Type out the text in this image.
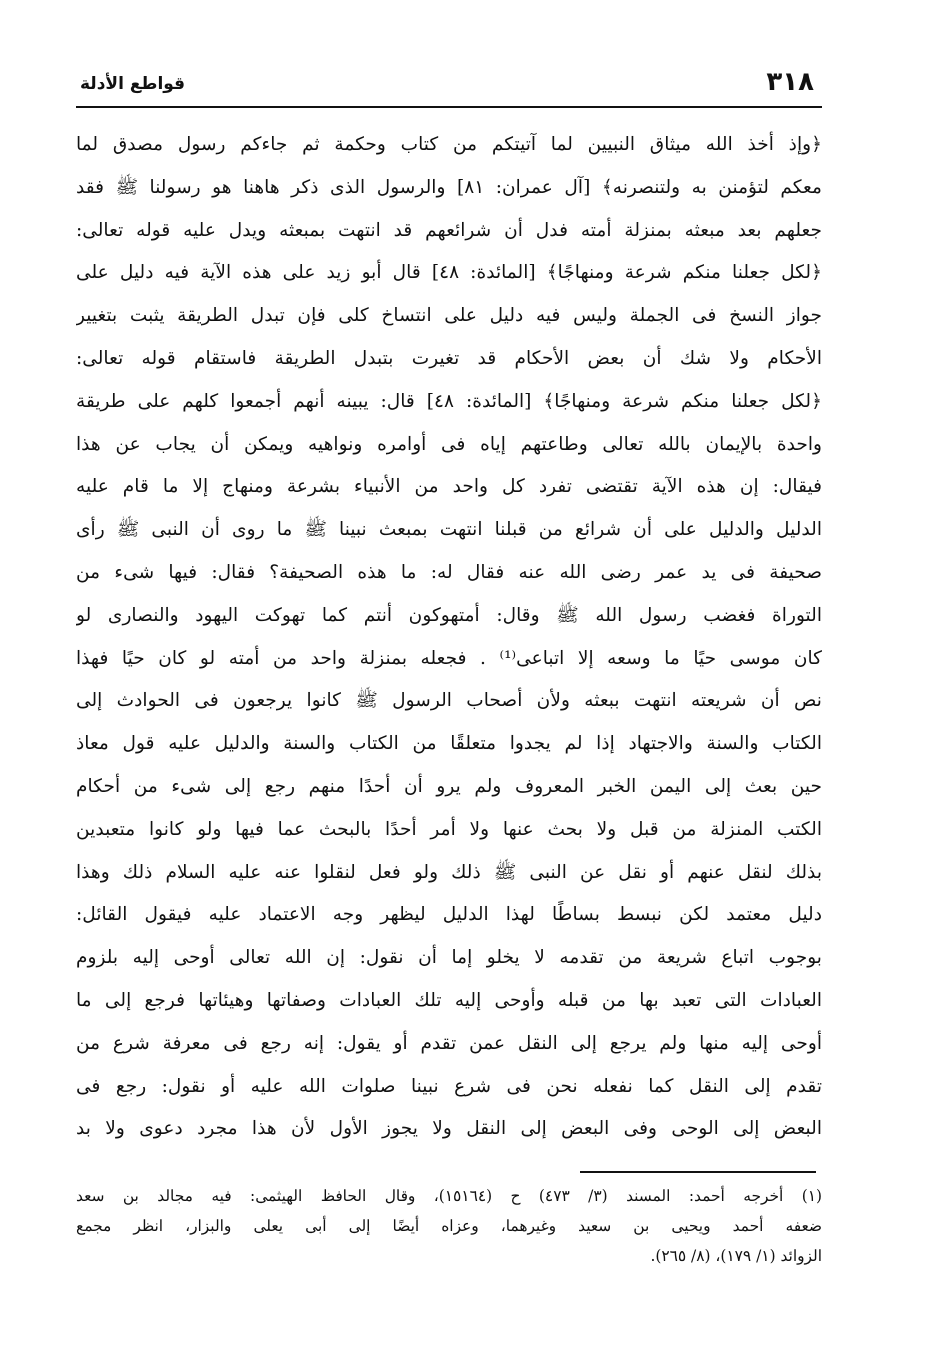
٣١٨
قواطع الأدلة
﴿وإذ أخذ الله ميثاق النبيين لما آتيتكم من كتاب وحكمة ثم جاءكم رسول مصدق لما
معكم لتؤمنن به ولتنصرنه﴾ [آل عمران: ٨١] والرسول الذى ذكر هاهنا هو رسولنا ﷺ فقد
جعلهم بعد مبعثه بمنزلة أمته فدل أن شرائعهم قد انتهت بمبعثه ويدل عليه قوله تعالى:
﴿لكل جعلنا منكم شرعة ومنهاجًا﴾ [المائدة: ٤٨] قال أبو زيد على هذه الآية فيه دليل على
جواز النسخ فى الجملة وليس فيه دليل على انتساخ كلى فإن تبدل الطريقة يثبت بتغيير
الأحكام ولا شك أن بعض الأحكام قد تغيرت بتبدل الطريقة فاستقام قوله تعالى:
﴿لكل جعلنا منكم شرعة ومنهاجًا﴾ [المائدة: ٤٨] قال: يبينه أنهم أجمعوا كلهم على طريقة
واحدة بالإيمان بالله تعالى وطاعتهم إياه فى أوامره ونواهيه ويمكن أن يجاب عن هذا
فيقال: إن هذه الآية تقتضى تفرد كل واحد من الأنبياء بشرعة ومنهاج إلا ما قام عليه
الدليل والدليل على أن شرائع من قبلنا انتهت بمبعث نبينا ﷺ ما روى أن النبى ﷺ رأى
صحيفة فى يد عمر رضى الله عنه فقال له: ما هذه الصحيفة؟ فقال: فيها شىء من
التوراة فغضب رسول الله ﷺ وقال: أمتهوكون أنتم كما تهوكت اليهود والنصارى لو
كان موسى حيًا ما وسعه إلا اتباعى⁽¹⁾ . فجعله بمنزلة واحد من أمته لو كان حيًا فهذا
نص أن شريعته انتهت ببعثه ولأن أصحاب الرسول ﷺ كانوا يرجعون فى الحوادث إلى
الكتاب والسنة والاجتهاد إذا لم يجدوا متعلقًا من الكتاب والسنة والدليل عليه قول معاذ
حين بعث إلى اليمن الخبر المعروف ولم يرو أن أحدًا منهم رجع إلى شىء من أحكام
الكتب المنزلة من قبل ولا بحث عنها ولا أمر أحدًا بالبحث عما فيها ولو كانوا متعبدين
بذلك لنقل عنهم أو نقل عن النبى ﷺ ذلك ولو فعل لنقلوا عنه عليه السلام ذلك وهذا
دليل معتمد لكن نبسط بساطًا لهذا الدليل ليظهر وجه الاعتماد عليه فيقول القائل:
بوجوب اتباع شريعة من تقدمه لا يخلو إما أن نقول: إن الله تعالى أوحى إليه بلزوم
العبادات التى تعبد بها من قبله وأوحى إليه تلك العبادات وصفاتها وهيئاتها فرجع إلى ما
أوحى إليه منها ولم يرجع إلى النقل عمن تقدم أو يقول: إنه رجع فى معرفة شرع من
تقدم إلى النقل كما نفعله نحن فى شرع نبينا صلوات الله عليه أو نقول: رجع فى
البعض إلى الوحى وفى البعض إلى النقل ولا يجوز الأول لأن هذا مجرد دعوى ولا بد
(١) أخرجه أحمد: المسند (٣/ ٤٧٣) ح (١٥١٦٤)، وقال الحافظ الهيثمى: فيه مجالد بن سعد
ضعفه أحمد ويحيى بن سعيد وغيرهما، وعزاه أيضًا إلى أبى يعلى والبزار، انظر مجمع
الزوائد (١/ ١٧٩)، (٨/ ٢٦٥).
